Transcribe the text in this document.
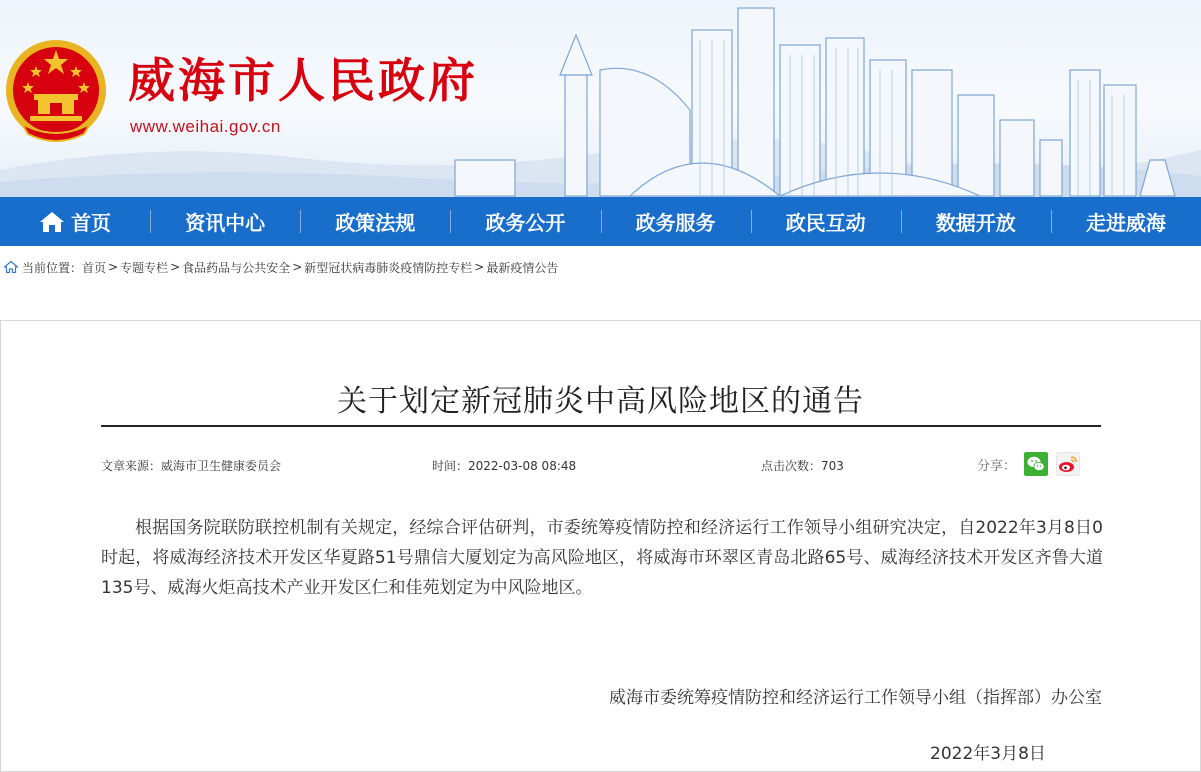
威海市人民政府
www.weihai.gov.cn
首页	资讯中心	政策法规	政务公开	政务服务	政民互动	数据开放	走进威海
当前位置： 首页 > 专题专栏 > 食品药品与公共安全 > 新型冠状病毒肺炎疫情防控专栏 > 最新疫情公告
关于划定新冠肺炎中高风险地区的通告
文章来源：威海市卫生健康委员会	时间：2022-03-08 08:48	点击次数：703	分享：

根据国务院联防联控机制有关规定，经综合评估研判，市委统筹疫情防控和经济运行工作领导小组研究决定，自2022年3月8日0时起，将威海经济技术开发区华夏路51号鼎信大厦划定为高风险地区，将威海市环翠区青岛北路65号、威海经济技术开发区齐鲁大道135号、威海火炬高技术产业开发区仁和佳苑划定为中风险地区。

威海市委统筹疫情防控和经济运行工作领导小组（指挥部）办公室
2022年3月8日
